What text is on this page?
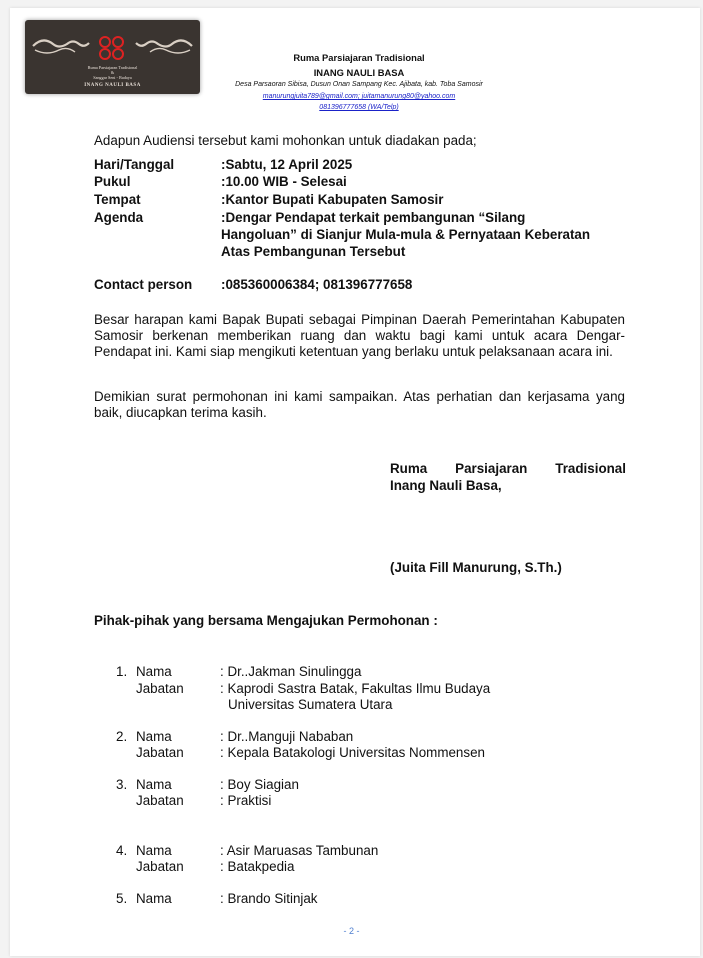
Ruma Parsiajaran Tradisional
&
Sanggar Seni - Budaya
INANG NAULI BASA
Ruma Parsiajaran Tradisional
INANG NAULI BASA
Desa Parsaoran Sibisa, Dusun Onan Sampang Kec. Ajibata, kab. Toba Samosir
manurungjuita789@gmail.com; juitamanurung80@yahoo.com
081396777658 (WA/Telp)
Adapun Audiensi tersebut kami mohonkan untuk diadakan pada;
Hari/Tanggal	:Sabtu, 12 April 2025
Pukul	:10.00 WIB - Selesai
Tempat	:Kantor Bupati Kabupaten Samosir
Agenda	:Dengar Pendapat terkait pembangunan “Silang
Hangoluan” di Sianjur Mula-mula & Pernyataan Keberatan
Atas Pembangunan Tersebut
Contact person :085360006384; 081396777658
Besar harapan kami Bapak Bupati sebagai Pimpinan Daerah Pemerintahan Kabupaten Samosir berkenan memberikan ruang dan waktu bagi kami untuk acara Dengar-Pendapat ini. Kami siap mengikuti ketentuan yang berlaku untuk pelaksanaan acara ini.
Demikian surat permohonan ini kami sampaikan. Atas perhatian dan kerjasama yang baik, diucapkan terima kasih.
Ruma Parsiajaran Tradisional
Inang Nauli Basa,
(Juita Fill Manurung, S.Th.)
Pihak-pihak yang bersama Mengajukan Permohonan :
1. Nama	: Dr..Jakman Sinulingga
Jabatan	: Kaprodi Sastra Batak, Fakultas Ilmu Budaya
Universitas Sumatera Utara
2. Nama	: Dr..Manguji Nababan
Jabatan	: Kepala Batakologi Universitas Nommensen
3. Nama	: Boy Siagian
Jabatan	: Praktisi
4. Nama	: Asir Maruasas Tambunan
Jabatan	: Batakpedia
5. Nama	: Brando Sitinjak
- 2 -
